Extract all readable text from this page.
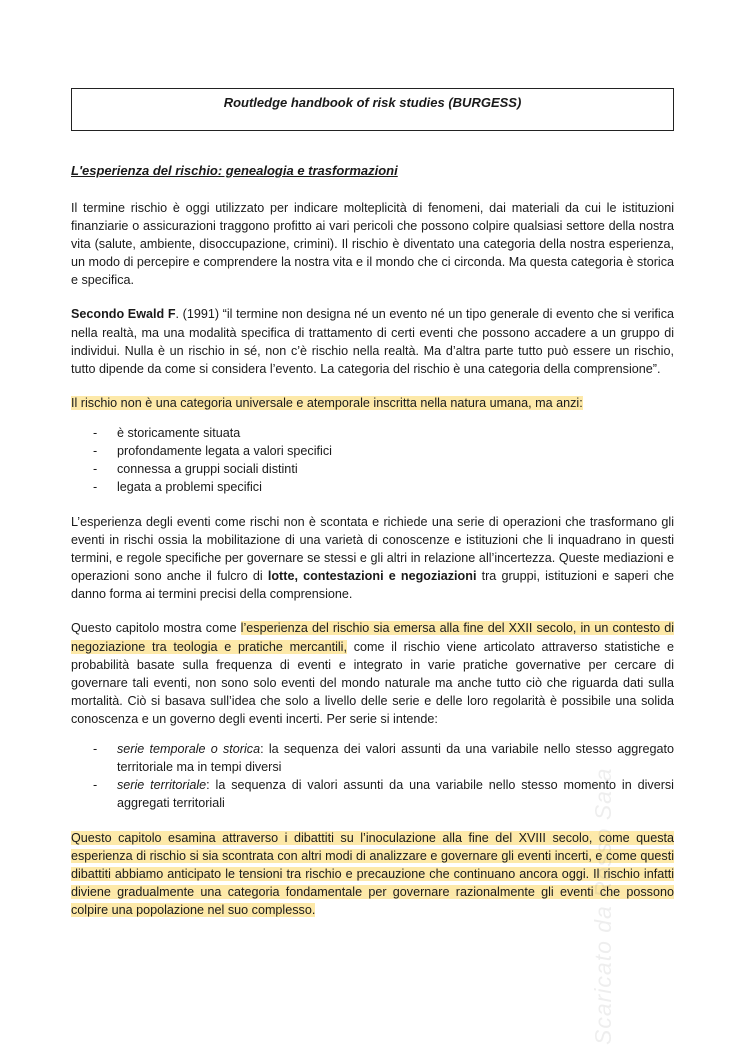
Routledge handbook of risk studies (BURGESS)
L'esperienza del rischio: genealogia e trasformazioni

Il termine rischio è oggi utilizzato per indicare molteplicità di fenomeni, dai materiali da cui le istituzioni finanziarie o assicurazioni traggono profitto ai vari pericoli che possono colpire qualsiasi settore della nostra vita (salute, ambiente, disoccupazione, crimini). Il rischio è diventato una categoria della nostra esperienza, un modo di percepire e comprendere la nostra vita e il mondo che ci circonda. Ma questa categoria è storica e specifica.

Secondo Ewald F. (1991) “il termine non designa né un evento né un tipo generale di evento che si verifica nella realtà, ma una modalità specifica di trattamento di certi eventi che possono accadere a un gruppo di individui. Nulla è un rischio in sé, non c’è rischio nella realtà. Ma d’altra parte tutto può essere un rischio, tutto dipende da come si considera l’evento. La categoria del rischio è una categoria della comprensione”.

Il rischio non è una categoria universale e atemporale inscritta nella natura umana, ma anzi:

- è storicamente situata
- profondamente legata a valori specifici
- connessa a gruppi sociali distinti
- legata a problemi specifici

L’esperienza degli eventi come rischi non è scontata e richiede una serie di operazioni che trasformano gli eventi in rischi ossia la mobilitazione di una varietà di conoscenze e istituzioni che li inquadrano in questi termini, e regole specifiche per governare se stessi e gli altri in relazione all’incertezza. Queste mediazioni e operazioni sono anche il fulcro di lotte, contestazioni e negoziazioni tra gruppi, istituzioni e saperi che danno forma ai termini precisi della comprensione.

Questo capitolo mostra come l’esperienza del rischio sia emersa alla fine del XXII secolo, in un contesto di negoziazione tra teologia e pratiche mercantili, come il rischio viene articolato attraverso statistiche e probabilità basate sulla frequenza di eventi e integrato in varie pratiche governative per cercare di governare tali eventi, non sono solo eventi del mondo naturale ma anche tutto ciò che riguarda dati sulla mortalità. Ciò si basava sull’idea che solo a livello delle serie e delle loro regolarità è possibile una solida conoscenza e un governo degli eventi incerti. Per serie si intende:

- serie temporale o storica: la sequenza dei valori assunti da una variabile nello stesso aggregato territoriale ma in tempi diversi
- serie territoriale: la sequenza di valori assunti da una variabile nello stesso momento in diversi aggregati territoriali

Questo capitolo esamina attraverso i dibattiti su l’inoculazione alla fine del XVIII secolo, come questa esperienza di rischio si sia scontrata con altri modi di analizzare e governare gli eventi incerti, e come questi dibattiti abbiamo anticipato le tensioni tra rischio e precauzione che continuano ancora oggi. Il rischio infatti diviene gradualmente una categoria fondamentale per governare razionalmente gli eventi che possono colpire una popolazione nel suo complesso.	Scaricato da Rosso Sara
